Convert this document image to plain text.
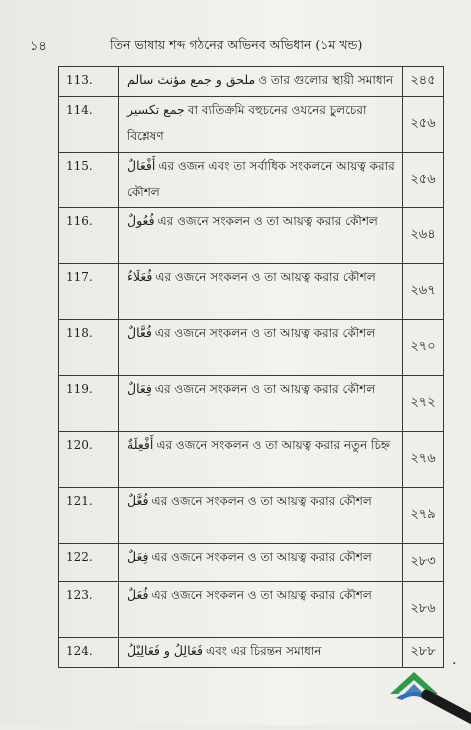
১৪	তিন ভাষায় শব্দ গঠনের অভিনব অভিধান (১ম খন্ড)
113.	ملحق و جمع مؤنث سالم ও তার গুলোর স্থায়ী সমাধান	২৪৫
114.	جمع تكسير বা ব্যতিক্রমি বহুচনের ওযনের চুলচেরা বিশ্লেষণ	২৫৬
115.	أَفْعَالٌ এর ওজন এবং তা সর্বাধিক সংকলনে আয়ত্ব করার কৌশল	২৫৬
116.	فُعُولٌ এর ওজনে সংকলন ও তা আয়ত্ব করার কৌশল	২৬৪
117.	فُعَلَاءُ এর ওজনে সংকলন ও তা আয়ত্ব করার কৌশল	২৬৭
118.	فُعَّالٌ এর ওজনে সংকলন ও তা আয়ত্ব করার কৌশল	২৭০
119.	فِعَالٌ এর ওজনে সংকলন ও তা আয়ত্ব করার কৌশল	২৭২
120.	أَفْعِلَةٌ এর ওজনে সংকলন ও তা আয়ত্ব করার নতুন চিহ্ন	২৭৬
121.	فُعَّلٌ এর ওজনে সংকলন ও তা আয়ত্ব করার কৌশল	২৭৯
122.	فِعَلٌ এর ওজনে সংকলন ও তা আয়ত্ব করার কৌশল	২৮৩
123.	فُعَلٌ এর ওজনে সংকলন ও তা আয়ত্ব করার কৌশল	২৮৬
124.	فَعَالِلُ و فَعَالِيْلُ এবং এর চিরন্তন সমাধান	২৮৮
.
